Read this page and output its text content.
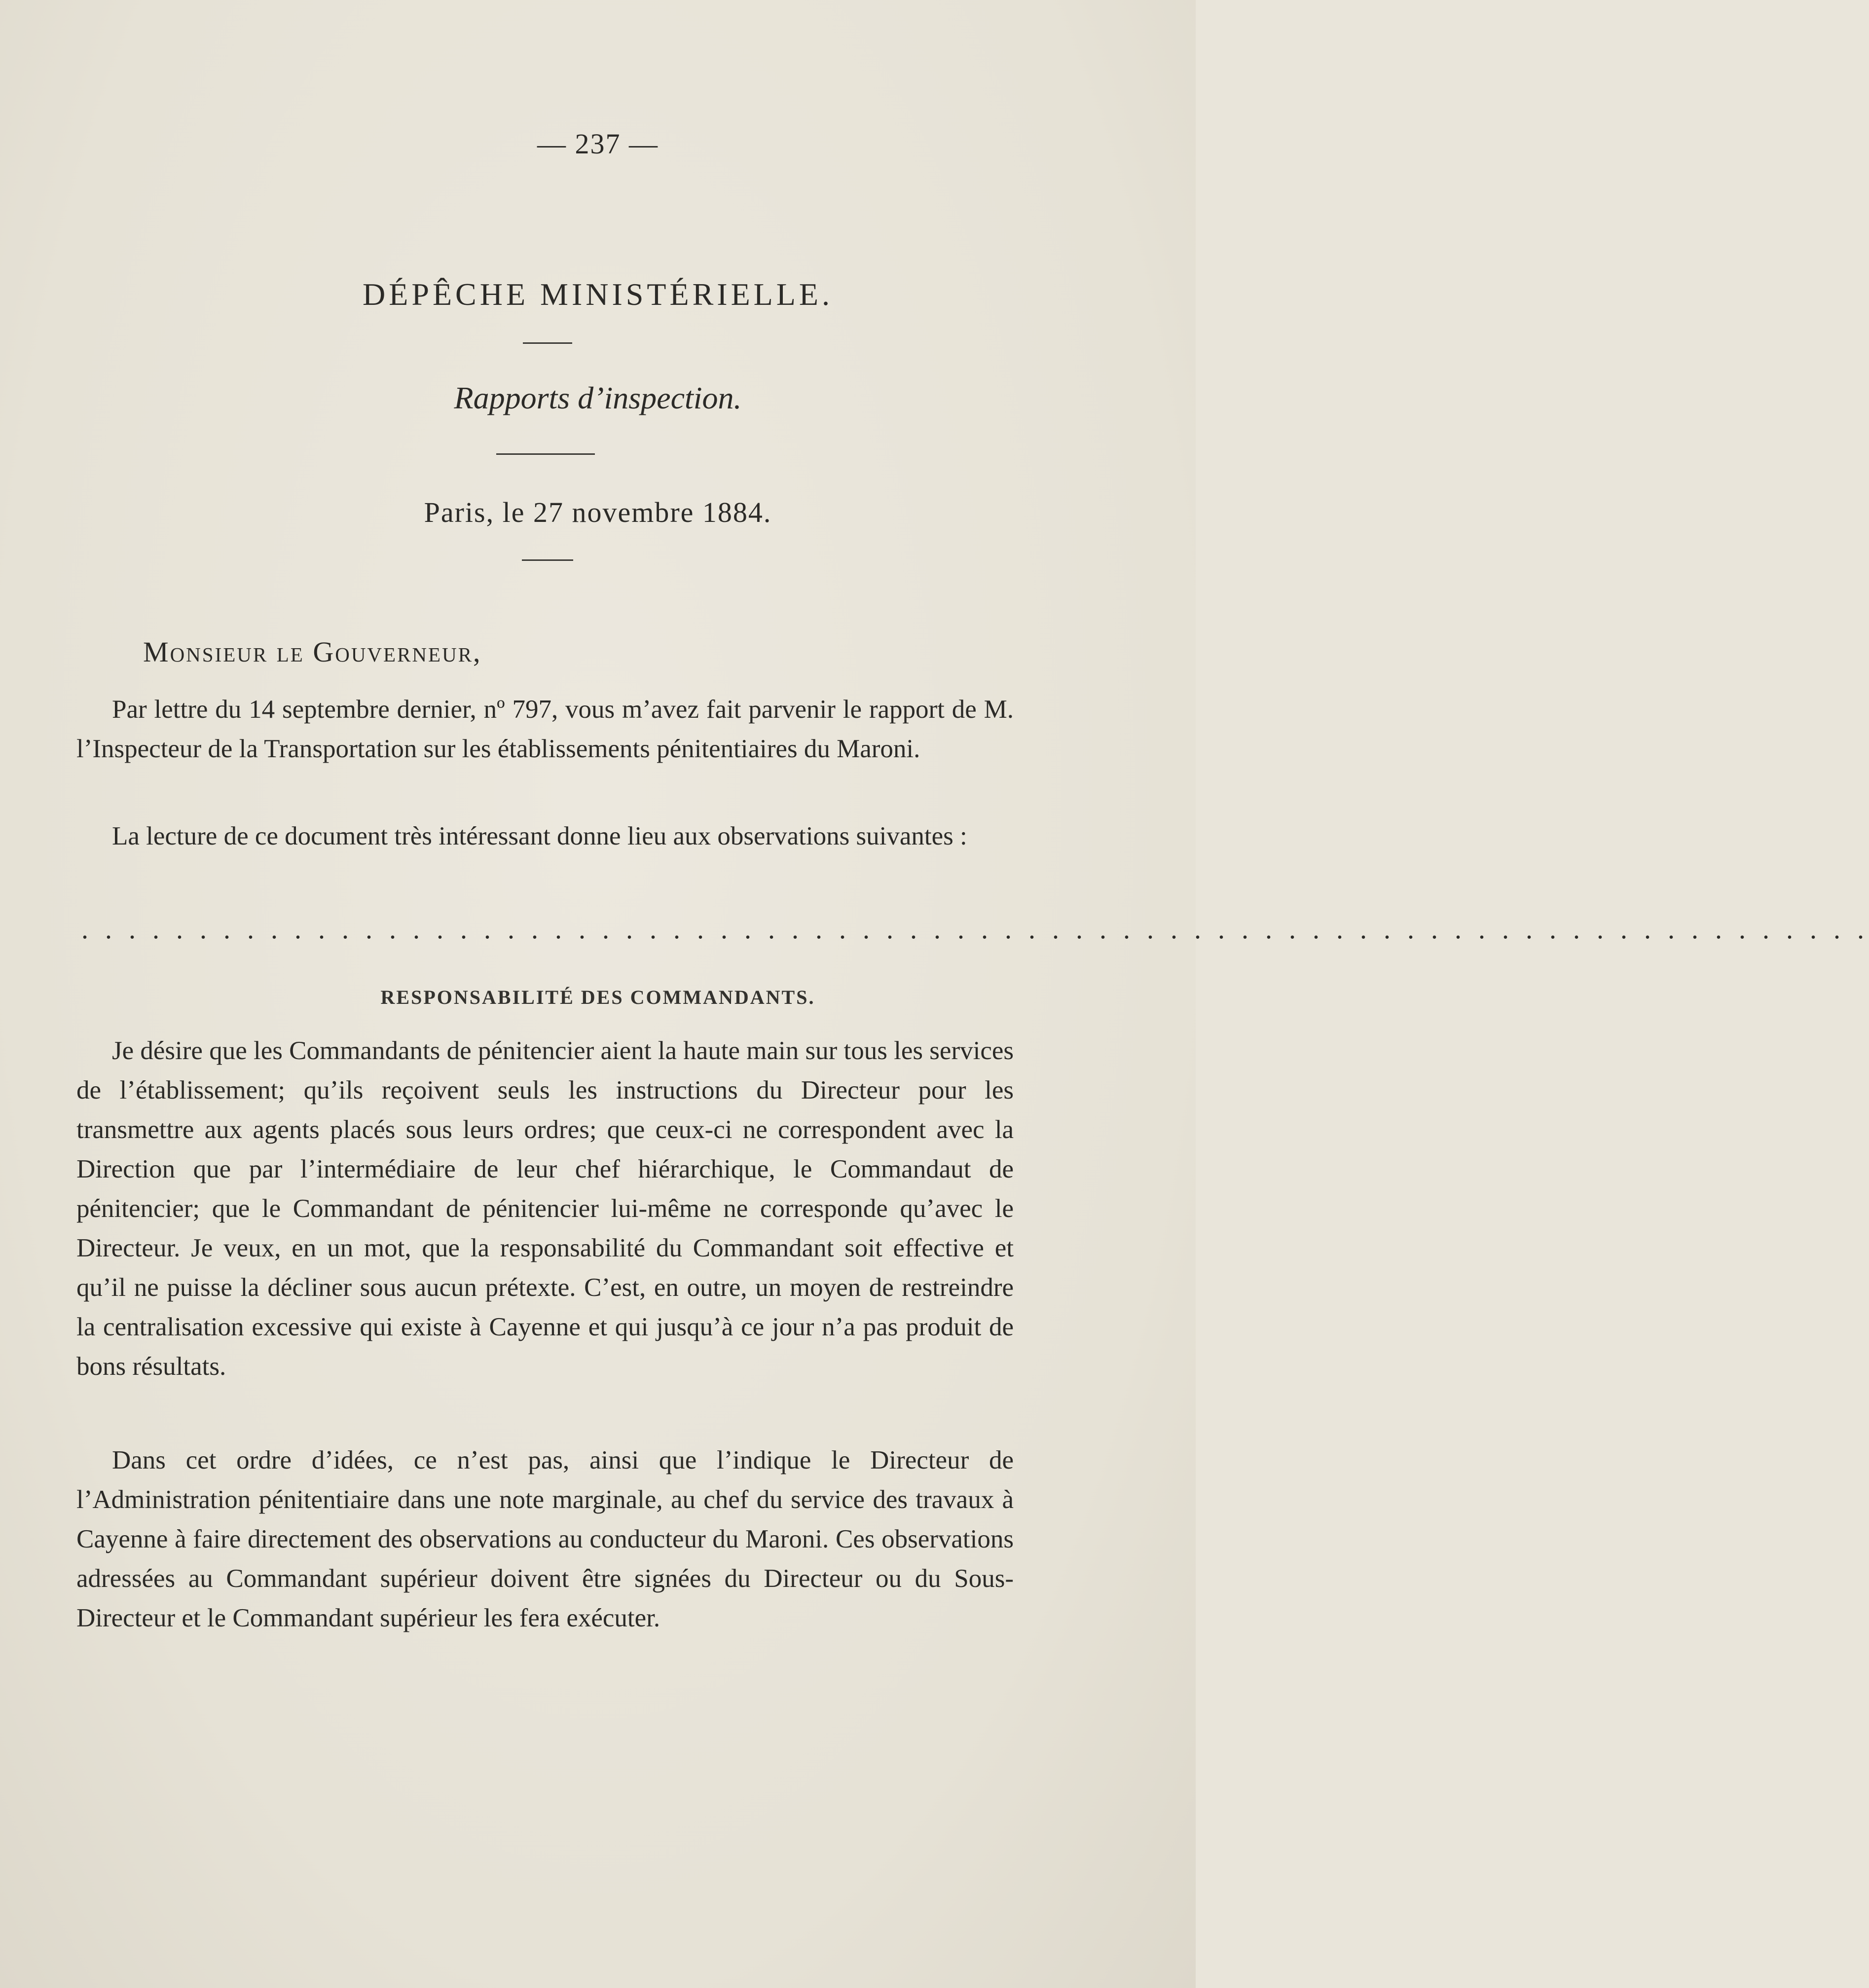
— 237 —
DÉPÊCHE MINISTÉRIELLE.
Rapports d’inspection.
Paris, le 27 novembre 1884.
Monsieur le Gouverneur,

Par lettre du 14 septembre dernier, nº 797, vous m’avez fait parvenir le rapport de M. l’Inspecteur de la Transportation sur les établissements pénitentiaires du Maroni.

La lecture de ce document très intéressant donne lieu aux observations suivantes :

. . . . . . . . . . . . . . . . . . . . . . . . . . . . . . . . . . . . . . . . . . . . . . . . . . . . . . . . . . . . . . . . . . . . . . . . . . . .
RESPONSABILITÉ DES COMMANDANTS.

Je désire que les Commandants de pénitencier aient la haute main sur tous les services de l’établissement; qu’ils reçoivent seuls les instructions du Directeur pour les transmettre aux agents placés sous leurs ordres; que ceux-ci ne correspondent avec la Direction que par l’intermédiaire de leur chef hiérarchique, le Commandaut de pénitencier; que le Commandant de pénitencier lui-même ne corresponde qu’avec le Directeur. Je veux, en un mot, que la responsabilité du Commandant soit effective et qu’il ne puisse la décliner sous aucun prétexte. C’est, en outre, un moyen de restreindre la centralisation excessive qui existe à Cayenne et qui jusqu’à ce jour n’a pas produit de bons résultats.

Dans cet ordre d’idées, ce n’est pas, ainsi que l’indique le Directeur de l’Administration pénitentiaire dans une note marginale, au chef du service des travaux à Cayenne à faire directement des observations au conducteur du Maroni. Ces observations adressées au Commandant supérieur doivent être signées du Directeur ou du Sous-Directeur et le Commandant supérieur les fera exécuter.
